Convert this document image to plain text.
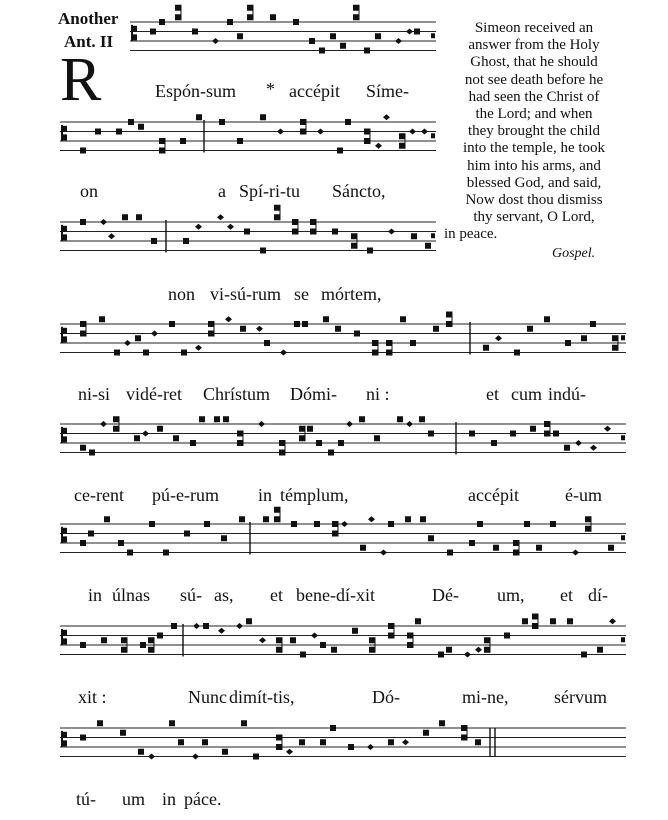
Another
Ant. II
R
Simeon received an
answer from the Holy
Ghost, that he should
not see death before he
had seen the Christ of
the Lord; and when
they brought the child
into the temple, he took
him into his arms, and
blessed God, and said,
Now dost thou dismiss
thy servant, O Lord,
in peace.
Gospel.
Espón-sum * accépit Síme-
on	a Spí-ri-tu Sáncto,
non vi-sú-rum se mórtem,
ni-si vidé-ret Chrístum Dómi- ni :	et cum indú-
ce-rent pú-e-rum in témplum,	accépit	é-um
in úlnas sú- as, et bene-dí-xit	Dé- um, et dí-
xit :	Nunc dimít-tis,	Dó-	mi-ne,	sérvum
tú- um in páce.
